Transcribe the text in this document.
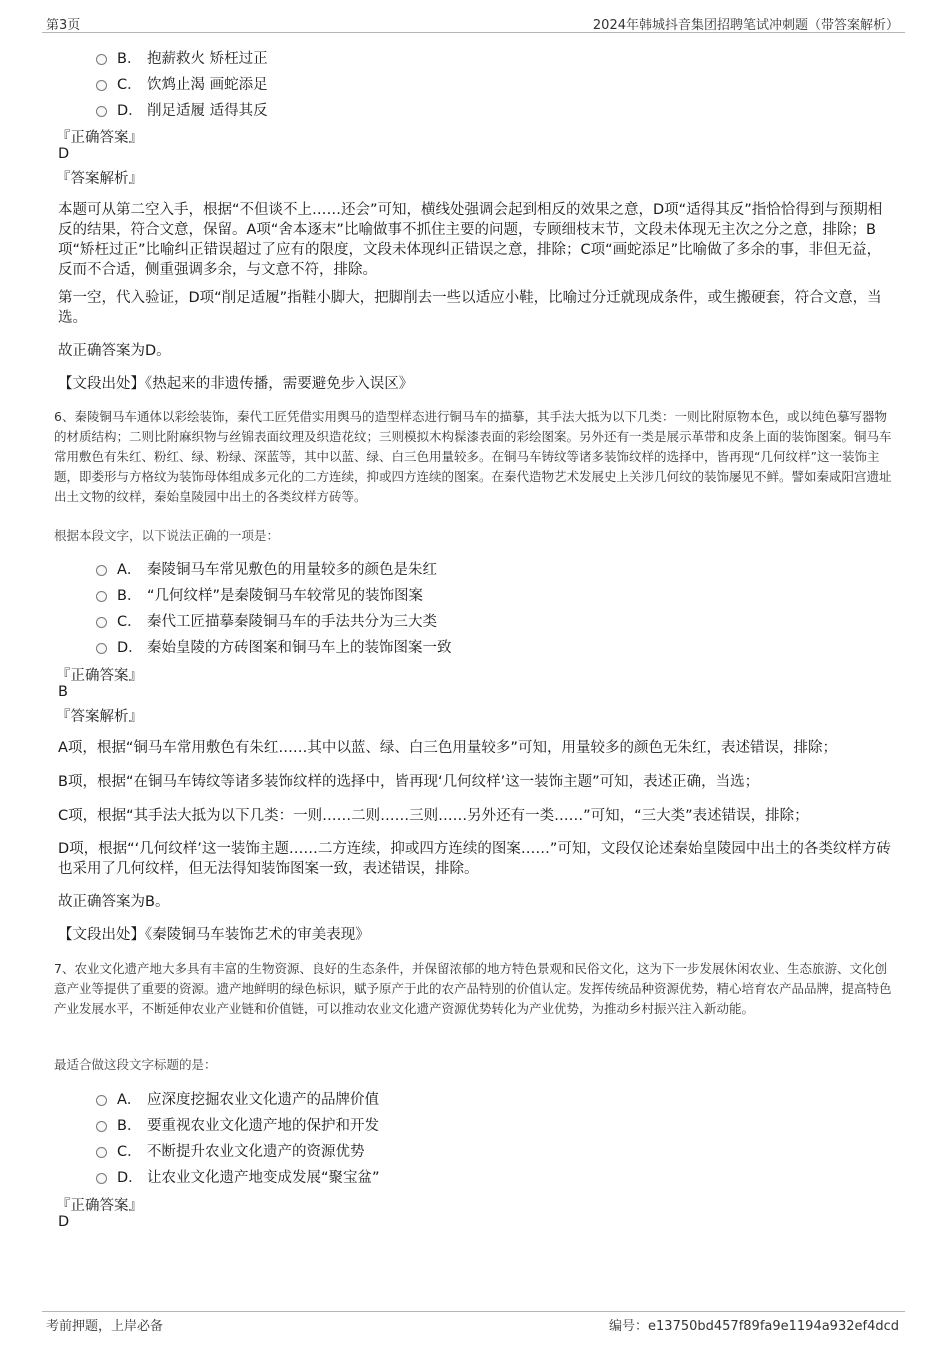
第3页	2024年韩城抖音集团招聘笔试冲刺题（带答案解析）
B． 抱薪救火 矫枉过正
C． 饮鸩止渴 画蛇添足
D． 削足适履 适得其反
『正确答案』
D
『答案解析』
本题可从第二空入手，根据“不但谈不上……还会”可知，横线处强调会起到相反的效果之意，D项“适得其反”指恰恰得到与预期相反的结果，符合文意，保留。A项“舍本逐末”比喻做事不抓住主要的问题，专顾细枝末节，文段未体现无主次之分之意，排除；B项“矫枉过正”比喻纠正错误超过了应有的限度，文段未体现纠正错误之意，排除；C项“画蛇添足”比喻做了多余的事，非但无益，反而不合适，侧重强调多余，与文意不符，排除。
第一空，代入验证，D项“削足适履”指鞋小脚大，把脚削去一些以适应小鞋，比喻过分迁就现成条件，或生搬硬套，符合文意，当选。
故正确答案为D。
【文段出处】《热起来的非遗传播，需要避免步入误区》
6、秦陵铜马车通体以彩绘装饰，秦代工匠凭借实用舆马的造型样态进行铜马车的描摹，其手法大抵为以下几类：一则比附原物本色，或以纯色摹写器物的材质结构；二则比附麻织物与丝锦表面纹理及织造花纹；三则模拟木构髹漆表面的彩绘图案。另外还有一类是展示革带和皮条上面的装饰图案。铜马车常用敷色有朱红、粉红、绿、粉绿、深蓝等，其中以蓝、绿、白三色用量较多。在铜马车铸纹等诸多装饰纹样的选择中，皆再现“几何纹样”这一装饰主题，即娄形与方格纹为装饰母体组成多元化的二方连续，抑或四方连续的图案。在秦代造物艺术发展史上关涉几何纹的装饰屡见不鲜。譬如秦咸阳宫遗址出土文物的纹样，秦始皇陵园中出土的各类纹样方砖等。
根据本段文字，以下说法正确的一项是：
A． 秦陵铜马车常见敷色的用量较多的颜色是朱红
B． “几何纹样”是秦陵铜马车较常见的装饰图案
C． 秦代工匠描摹秦陵铜马车的手法共分为三大类
D． 秦始皇陵的方砖图案和铜马车上的装饰图案一致
『正确答案』
B
『答案解析』
A项，根据“铜马车常用敷色有朱红……其中以蓝、绿、白三色用量较多”可知，用量较多的颜色无朱红，表述错误，排除；
B项，根据“在铜马车铸纹等诸多装饰纹样的选择中，皆再现‘几何纹样’这一装饰主题”可知，表述正确，当选；
C项，根据“其手法大抵为以下几类：一则……二则……三则……另外还有一类……”可知，“三大类”表述错误，排除；
D项，根据“‘几何纹样’这一装饰主题……二方连续，抑或四方连续的图案……”可知，文段仅论述秦始皇陵园中出土的各类纹样方砖也采用了几何纹样，但无法得知装饰图案一致，表述错误，排除。
故正确答案为B。
【文段出处】《秦陵铜马车装饰艺术的审美表现》
7、农业文化遗产地大多具有丰富的生物资源、良好的生态条件，并保留浓郁的地方特色景观和民俗文化，这为下一步发展休闲农业、生态旅游、文化创意产业等提供了重要的资源。遗产地鲜明的绿色标识，赋予原产于此的农产品特别的价值认定。发挥传统品种资源优势，精心培育农产品品牌，提高特色产业发展水平，不断延伸农业产业链和价值链，可以推动农业文化遗产资源优势转化为产业优势，为推动乡村振兴注入新动能。
最适合做这段文字标题的是：
A． 应深度挖掘农业文化遗产的品牌价值
B． 要重视农业文化遗产地的保护和开发
C． 不断提升农业文化遗产的资源优势
D． 让农业文化遗产地变成发展“聚宝盆”
『正确答案』
D
考前押题，上岸必备	编号：e13750bd457f89fa9e1194a932ef4dcd
